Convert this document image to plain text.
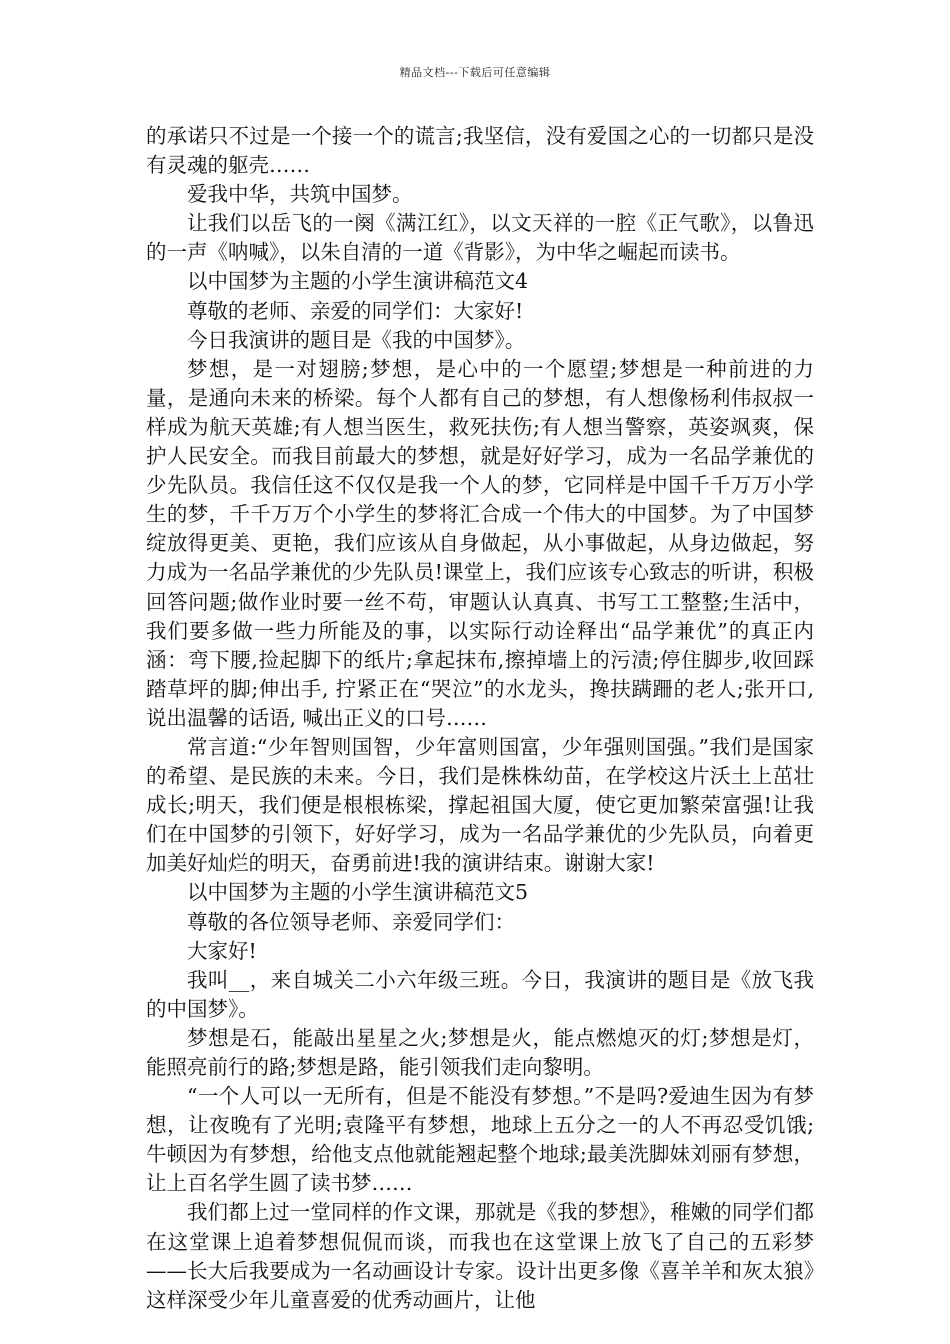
精品文档---下载后可任意编辑

的承诺只不过是一个接一个的谎言;我坚信，没有爱国之心的一切都只是没有灵魂的躯壳……

爱我中华，共筑中国梦。

让我们以岳飞的一阕《满江红》，以文天祥的一腔《正气歌》，以鲁迅的一声《呐喊》，以朱自清的一道《背影》，为中华之崛起而读书。

以中国梦为主题的小学生演讲稿范文4

尊敬的老师、亲爱的同学们：大家好!

今日我演讲的题目是《我的中国梦》。

梦想，是一对翅膀;梦想，是心中的一个愿望;梦想是一种前进的力量，是通向未来的桥梁。每个人都有自己的梦想，有人想像杨利伟叔叔一样成为航天英雄;有人想当医生，救死扶伤;有人想当警察，英姿飒爽，保护人民安全。而我目前最大的梦想，就是好好学习，成为一名品学兼优的少先队员。我信任这不仅仅是我一个人的梦，它同样是中国千千万万小学生的梦，千千万万个小学生的梦将汇合成一个伟大的中国梦。为了中国梦绽放得更美、更艳，我们应该从自身做起，从小事做起，从身边做起，努力成为一名品学兼优的少先队员!课堂上，我们应该专心致志的听讲，积极回答问题;做作业时要一丝不苟，审题认认真真、书写工工整整;生活中，我们要多做一些力所能及的事，以实际行动诠释出“品学兼优”的真正内涵：弯下腰,捡起脚下的纸片;拿起抹布,擦掉墙上的污渍;停住脚步,收回踩踏草坪的脚;伸出手, 拧紧正在“哭泣”的水龙头，搀扶蹒跚的老人;张开口, 说出温馨的话语, 喊出正义的口号……

常言道:“少年智则国智，少年富则国富，少年强则国强。”我们是国家的希望、是民族的未来。今日，我们是株株幼苗，在学校这片沃土上茁壮成长;明天，我们便是根根栋梁，撑起祖国大厦，使它更加繁荣富强!让我们在中国梦的引领下，好好学习，成为一名品学兼优的少先队员，向着更加美好灿烂的明天，奋勇前进!我的演讲结束。谢谢大家!

以中国梦为主题的小学生演讲稿范文5

尊敬的各位领导老师、亲爱同学们：

大家好!

我叫__，来自城关二小六年级三班。今日，我演讲的题目是《放飞我的中国梦》。

梦想是石，能敲出星星之火;梦想是火，能点燃熄灭的灯;梦想是灯，能照亮前行的路;梦想是路，能引领我们走向黎明。

“一个人可以一无所有，但是不能没有梦想。”不是吗?爱迪生因为有梦想，让夜晚有了光明;袁隆平有梦想，地球上五分之一的人不再忍受饥饿;牛顿因为有梦想，给他支点他就能翘起整个地球;最美洗脚妹刘丽有梦想，让上百名学生圆了读书梦……

我们都上过一堂同样的作文课，那就是《我的梦想》，稚嫩的同学们都在这堂课上追着梦想侃侃而谈，而我也在这堂课上放飞了自己的五彩梦——长大后我要成为一名动画设计专家。设计出更多像《喜羊羊和灰太狼》这样深受少年儿童喜爱的优秀动画片，让他
